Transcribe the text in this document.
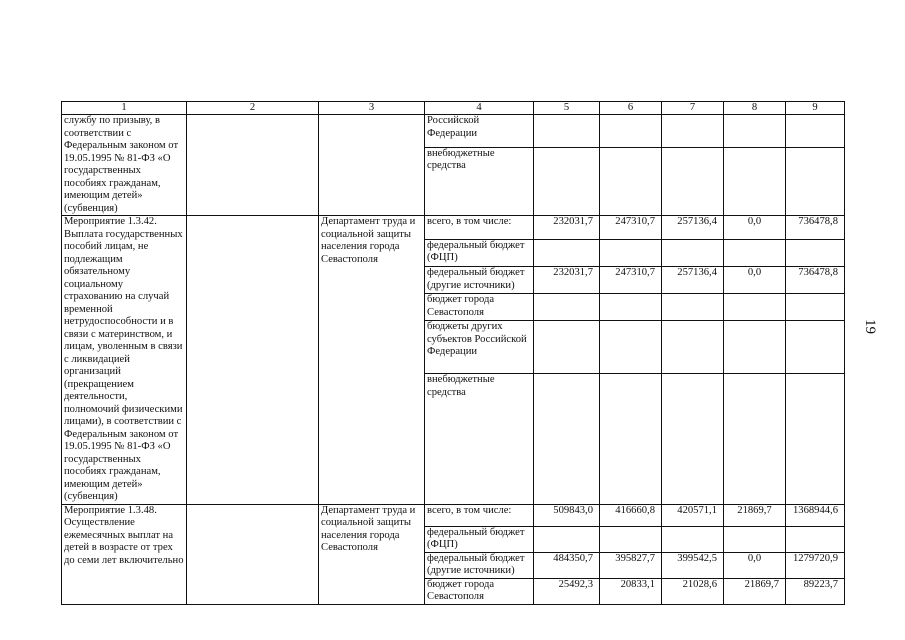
19
1	2	3	4	5	6	7	8	9
службу по призыву, в соответствии с Федеральным законом от 19.05.1995 № 81-ФЗ «О государственных пособиях гражданам, имеющим детей» (субвенция)			Российской Федерации					
			внебюджетные средства					
Мероприятие 1.3.42. Выплата государственных пособий лицам, не подлежащим обязательному социальному страхованию на случай временной нетрудоспособности и в связи с материнством, и лицам, уволенным в связи с ликвидацией организаций (прекращением деятельности, полномочий физическими лицами), в соответствии с Федеральным законом от 19.05.1995 № 81-ФЗ «О государственных пособиях гражданам, имеющим детей» (субвенция)		Департамент труда и социальной защиты населения города Севастополя	всего, в том числе:	232031,7	247310,7	257136,4	0,0	736478,8
			федеральный бюджет (ФЦП)					
			федеральный бюджет (другие источники)	232031,7	247310,7	257136,4	0,0	736478,8
			бюджет города Севастополя					
			бюджеты других субъектов Российской Федерации					
			внебюджетные средства					
Мероприятие 1.3.48. Осуществление ежемесячных выплат на детей в возрасте от трех до семи лет включительно		Департамент труда и социальной защиты населения города Севастополя	всего, в том числе:	509843,0	416660,8	420571,1	21869,7	1368944,6
			федеральный бюджет (ФЦП)					
			федеральный бюджет (другие источники)	484350,7	395827,7	399542,5	0,0	1279720,9
			бюджет города Севастополя	25492,3	20833,1	21028,6	21869,7	89223,7
